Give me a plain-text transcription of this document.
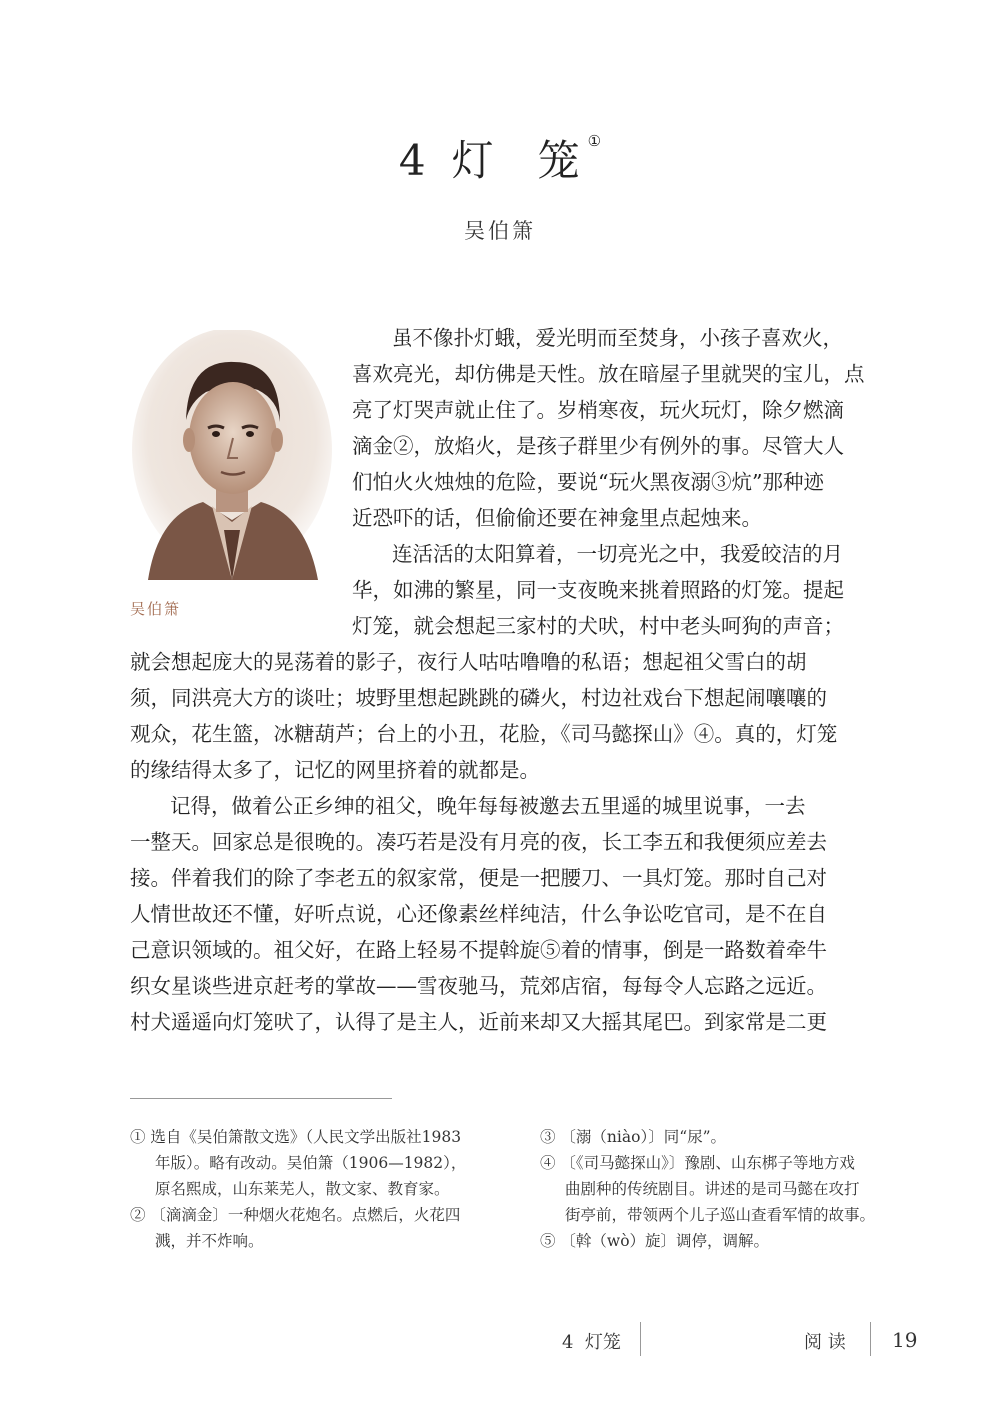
4 灯 笼①
吴伯箫
吴伯箫
虽不像扑灯蛾，爱光明而至焚身，小孩子喜欢火，
喜欢亮光，却仿佛是天性。放在暗屋子里就哭的宝儿，点
亮了灯哭声就止住了。岁梢寒夜，玩火玩灯，除夕燃滴
滴金②，放焰火，是孩子群里少有例外的事。尽管大人
们怕火火烛烛的危险，要说“玩火黑夜溺③炕”那种迹
近恐吓的话，但偷偷还要在神龛里点起烛来。
连活活的太阳算着，一切亮光之中，我爱皎洁的月
华，如沸的繁星，同一支夜晚来挑着照路的灯笼。提起
灯笼，就会想起三家村的犬吠，村中老头呵狗的声音；
就会想起庞大的晃荡着的影子，夜行人咕咕噜噜的私语；想起祖父雪白的胡
须，同洪亮大方的谈吐；坡野里想起跳跳的磷火，村边社戏台下想起闹嚷嚷的
观众，花生篮，冰糖葫芦；台上的小丑，花脸，《司马懿探山》④。真的，灯笼
的缘结得太多了，记忆的网里挤着的就都是。
记得，做着公正乡绅的祖父，晚年每每被邀去五里遥的城里说事，一去
一整天。回家总是很晚的。凑巧若是没有月亮的夜，长工李五和我便须应差去
接。伴着我们的除了李老五的叙家常，便是一把腰刀、一具灯笼。那时自己对
人情世故还不懂，好听点说，心还像素丝样纯洁，什么争讼吃官司，是不在自
己意识领域的。祖父好，在路上轻易不提斡旋⑤着的情事，倒是一路数着牵牛
织女星谈些进京赶考的掌故——雪夜驰马，荒郊店宿，每每令人忘路之远近。
村犬遥遥向灯笼吠了，认得了是主人，近前来却又大摇其尾巴。到家常是二更
① 选自《吴伯箫散文选》（人民文学出版社1983
年版）。略有改动。吴伯箫（1906—1982），
原名熙成，山东莱芜人，散文家、教育家。
② 〔滴滴金〕一种烟火花炮名。点燃后，火花四
溅，并不炸响。
③ 〔溺（niào）〕同“尿”。
④ 〔《司马懿探山》〕豫剧、山东梆子等地方戏
曲剧种的传统剧目。讲述的是司马懿在攻打
街亭前，带领两个儿子巡山查看军情的故事。
⑤ 〔斡（wò）旋〕调停，调解。
4 灯笼	阅 读 19
